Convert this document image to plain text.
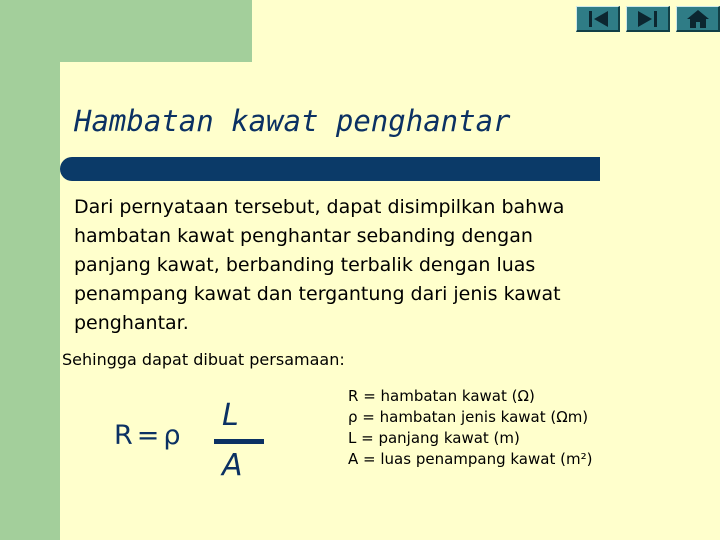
Hambatan kawat penghantar
Dari pernyataan tersebut, dapat disimpilkan bahwa
hambatan kawat penghantar sebanding dengan
panjang kawat, berbanding terbalik dengan luas
penampang kawat dan tergantung dari jenis kawat
penghantar.
Sehingga dapat dibuat persamaan:
R=ρ
L
A
R = hambatan kawat (Ω)
ρ = hambatan jenis kawat (Ωm)
L = panjang kawat (m)
A = luas penampang kawat (m²)
